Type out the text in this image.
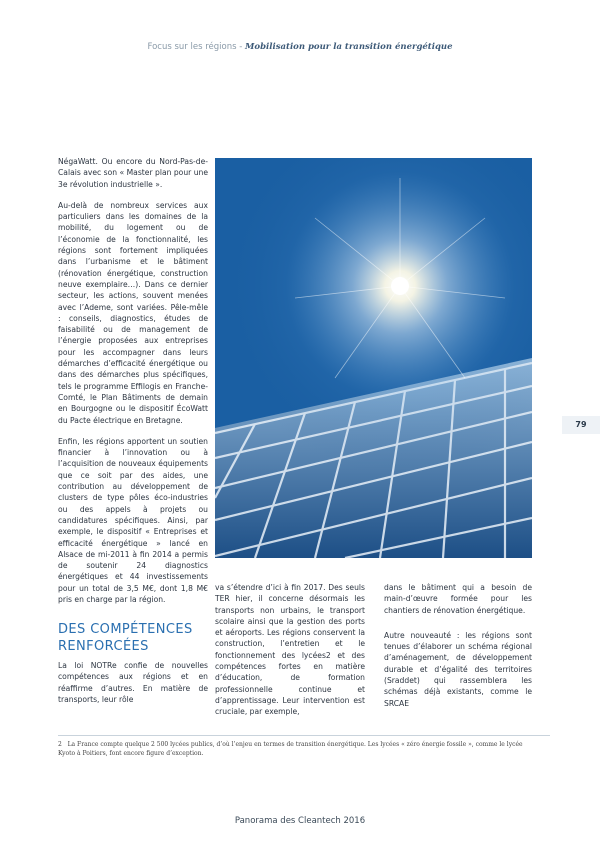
Focus sur les régions - Mobilisation pour la transition énergétique

NégaWatt. Ou encore du Nord-Pas-de-Calais avec son « Master plan pour une 3e révolution industrielle ».

Au-delà de nombreux services aux particuliers dans les domaines de la mobilité, du logement ou de l’économie de la fonctionnalité, les régions sont fortement impliquées dans l’urbanisme et le bâtiment (rénovation énergétique, construction neuve exemplaire…). Dans ce dernier secteur, les actions, souvent menées avec l’Ademe, sont variées. Pêle-mêle : conseils, diagnostics, études de faisabilité ou de management de l’énergie proposées aux entreprises pour les accompagner dans leurs démarches d’efficacité énergétique ou dans des démarches plus spécifiques, tels le programme Effilogis en Franche-Comté, le Plan Bâtiments de demain en Bourgogne ou le dispositif ÉcoWatt du Pacte électrique en Bretagne.

Enfin, les régions apportent un soutien financier à l’innovation ou à l’acquisition de nouveaux équipements que ce soit par des aides, une contribution au développement de clusters de type pôles éco-industries ou des appels à projets ou candidatures spécifiques. Ainsi, par exemple, le dispositif « Entreprises et efficacité énergétique » lancé en Alsace de mi-2011 à fin 2014 a permis de soutenir 24 diagnostics énergétiques et 44 investissements pour un total de 3,5 M€, dont 1,8 M€ pris en charge par la région.

79
DES COMPÉTENCES RENFORCÉES
La loi NOTRe confie de nouvelles compétences aux régions et en réaffirme d’autres. En matière de transports, leur rôle
va s’étendre d’ici à fin 2017. Des seuls TER hier, il concerne désormais les transports non urbains, le transport scolaire ainsi que la gestion des ports et aéroports. Les régions conservent la construction, l’entretien et le fonctionnement des lycées2 et des compétences fortes en matière d’éducation, de formation professionnelle continue et d’apprentissage. Leur intervention est cruciale, par exemple,

dans le bâtiment qui a besoin de main-d’œuvre formée pour les chantiers de rénovation énergétique.

Autre nouveauté : les régions sont tenues d’élaborer un schéma régional d’aménagement, de développement durable et d’égalité des territoires (Sraddet) qui rassemblera les schémas déjà existants, comme le SRCAE

2 La France compte quelque 2 500 lycées publics, d’où l’enjeu en termes de transition énergétique. Les lycées « zéro énergie fossile », comme le lycée Kyoto à Poitiers, font encore figure d’exception.
Panorama des Cleantech 2016
